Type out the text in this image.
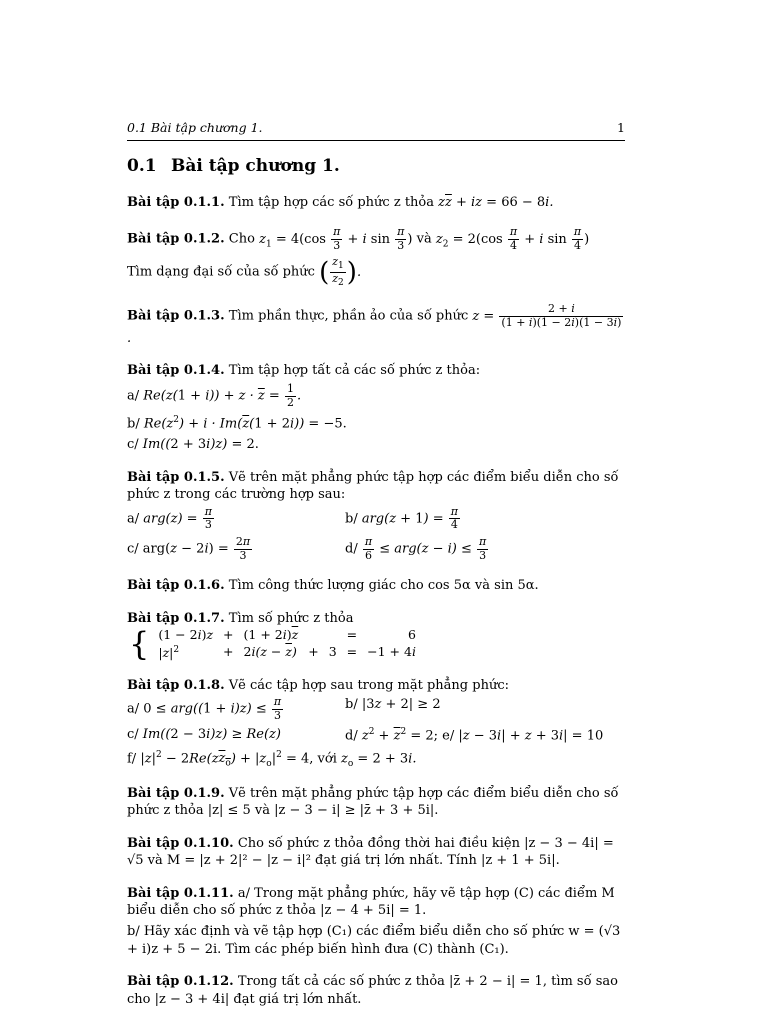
0.1 Bài tập chương 1.	1
0.1 Bài tập chương 1.
Bài tập 0.1.1. Tìm tập hợp các số phức z thỏa $z\overline{z}$ + iz = 66 − 8i.
Bài tập 0.1.2. Cho $z_1 = 4(\cos \frac{\pi}{3} + i$ $\sin \frac{\pi}{3}$ ) và $z_2 = 2(\cos \frac{\pi}{4} + i$ $\sin \frac{\pi}{4}$ )
Tìm dạng đại số của số phức ( $\frac{z_1}{z_2}$ ).
Bài tập 0.1.3. Tìm phần thực, phần ảo của số phức $z = \frac{2 + i}{(1 + i)(1 - 2i)(1 - 3i)}$
.
Bài tập 0.1.4. Tìm tập hợp tất cả các số phức z thỏa:
a/ $Re(z(1 + i)) + z \cdot \overline{z} = \frac{1}{2}$ .
b/ $Re(z^2) + i \cdot Im(\overline{z}(1 + 2i)) = -5$.
c/ Im((2 + 3i)z) = 2.
Bài tập 0.1.5. Vẽ trên mặt phẳng phức tập hợp các điểm biểu diễn cho số phức z trong các trường hợp sau:
a/ $arg(z) = \frac{\pi}{3}$	b/ $arg(z + 1) = \frac{\pi}{4}$
c/ $arg(z - 2i) = \frac{2\pi}{3}$	$d/ \frac{\pi}{6} \le arg(z - i) \le \frac{\pi}{3}$
Bài tập 0.1.6. Tìm công thức lượng giác cho cos 5α và sin 5α.
Bài tập 0.1.7. Tìm số phức z thỏa
{ (1 − 2i)z	+	$(1 + 2i)\overline{z}$			=	6
$|z|^2$	+	$2i(z - \overline{z})$	+	3	=	−1 + 4i
Bài tập 0.1.8. Vẽ các tập hợp sau trong mặt phẳng phức:
a/ $0 \le arg((1 + i)z) \le \frac{\pi}{3}$	b/ |3z + 2| ≥ 2
c/ Im((2 − 3i)z) ≥ Re(z)	d/ $z^2 + \overline{z}^2 = 2$; e/ |z − 3i| + z + 3i| = 10
f/ $|z|^2 - 2Re(zz_o) + |z_o|^2 = 4$, với $z_o = 2 + 3i$.
Bài tập 0.1.9. Vẽ trên mặt phẳng phức tập hợp các điểm biểu diễn cho số phức z thỏa |z| ≤ 5 và |z − 3 − i| ≥ |z̄ + 3 + 5i|.
Bài tập 0.1.10. Cho số phức z thỏa đồng thời hai điều kiện |z − 3 − 4i| = √5 và M = |z + 2|² − |z − i|² đạt giá trị lớn nhất. Tính |z + 1 + 5i|.
Bài tập 0.1.11. a/ Trong mặt phẳng phức, hãy vẽ tập hợp (C) các điểm M biểu diễn cho số phức z thỏa |z − 4 + 5i| = 1.
b/ Hãy xác định và vẽ tập hợp (C₁) các điểm biểu diễn cho số phức w = (√3 + i)z + 5 − 2i. Tìm các phép biến hình đưa (C) thành (C₁).
Bài tập 0.1.12. Trong tất cả các số phức z thỏa |z̄ + 2 − i| = 1, tìm số sao cho |z − 3 + 4i| đạt giá trị lớn nhất.
